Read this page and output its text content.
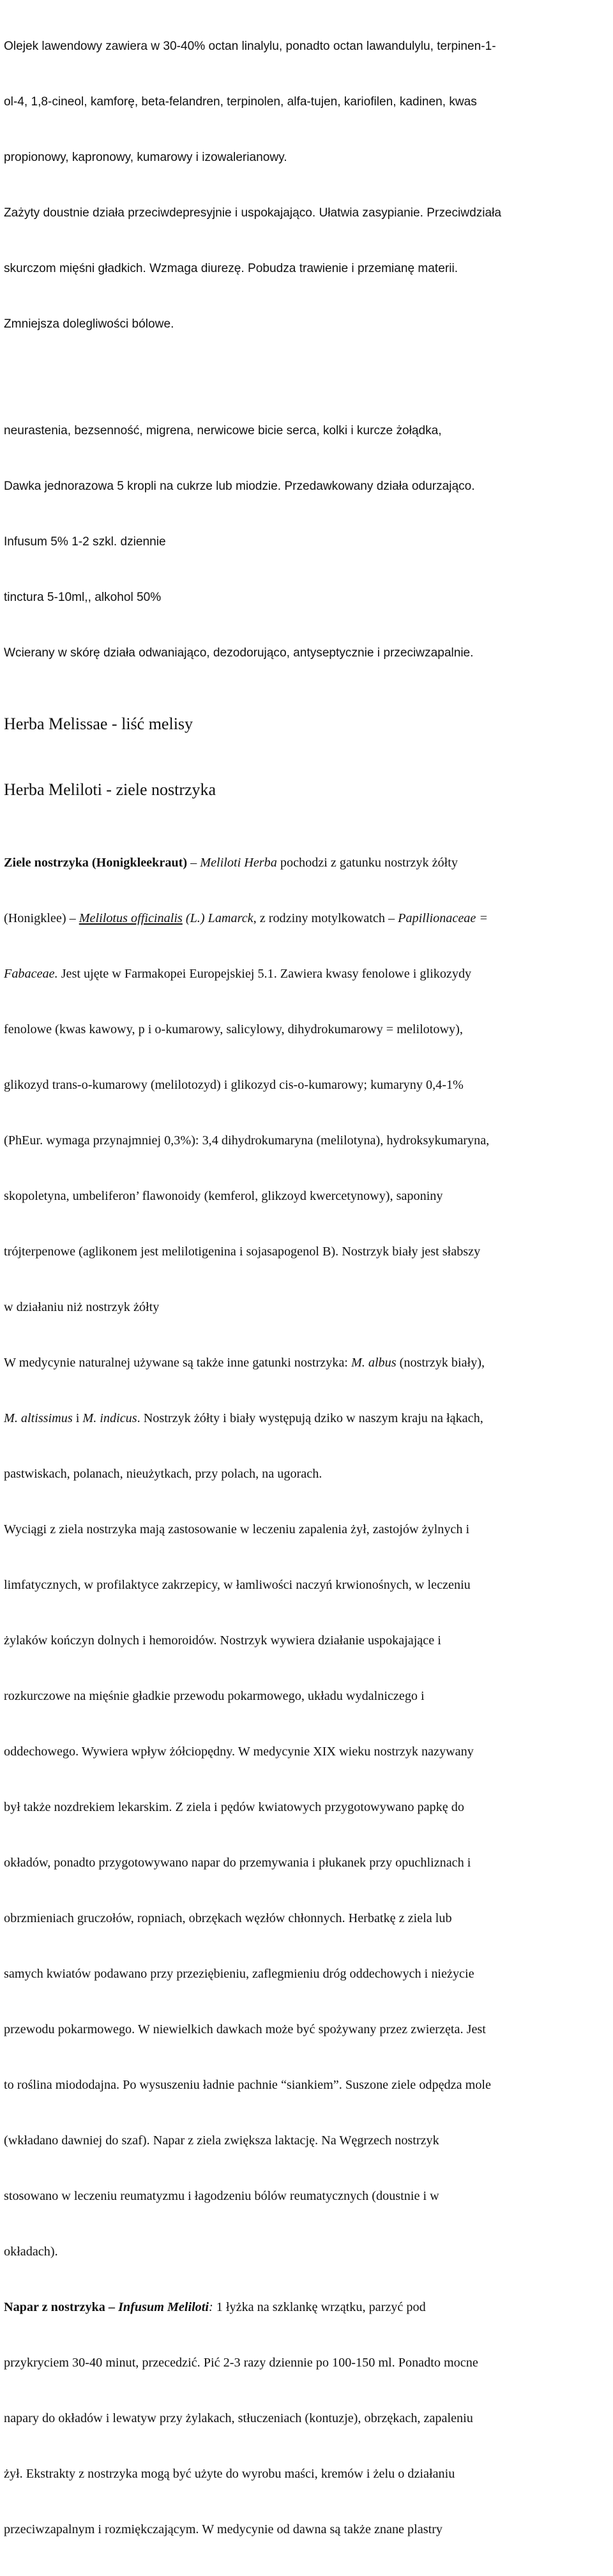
Olejek lawendowy zawiera w 30-40% octan linalylu, ponadto octan lawandulylu, terpinen-1-

ol-4, 1,8-cineol, kamforę, beta-felandren, terpinolen, alfa-tujen, kariofilen, kadinen, kwas

propionowy, kapronowy, kumarowy i izowalerianowy.

Zażyty doustnie działa przeciwdepresyjnie i uspokajająco. Ułatwia zasypianie. Przeciwdziała

skurczom mięśni gładkich. Wzmaga diurezę. Pobudza trawienie i przemianę materii.

Zmniejsza dolegliwości bólowe.

neurastenia, bezsenność, migrena, nerwicowe bicie serca, kolki i kurcze żołądka,

Dawka jednorazowa 5 kropli na cukrze lub miodzie. Przedawkowany działa odurzająco.

Infusum 5% 1-2 szkl. dziennie

tinctura 5-10ml,, alkohol 50%

Wcierany w skórę działa odwaniająco, dezodorująco, antyseptycznie i przeciwzapalnie.

Herba Melissae - liść melisy
Herba Meliloti - ziele nostrzyka

Ziele nostrzyka (Honigkleekraut) – Meliloti Herba pochodzi z gatunku nostrzyk żółty

(Honigklee) – Melilotus officinalis (L.) Lamarck, z rodziny motylkowatch – Papillionaceae =

Fabaceae. Jest ujęte w Farmakopei Europejskiej 5.1. Zawiera kwasy fenolowe i glikozydy

fenolowe (kwas kawowy, p i o-kumarowy, salicylowy, dihydrokumarowy = melilotowy),

glikozyd trans-o-kumarowy (melilotozyd) i glikozyd cis-o-kumarowy; kumaryny 0,4-1%

(PhEur. wymaga przynajmniej 0,3%): 3,4 dihydrokumaryna (melilotyna), hydroksykumaryna,

skopoletyna, umbeliferon’ flawonoidy (kemferol, glikzoyd kwercetynowy), saponiny

trójterpenowe (aglikonem jest melilotigenina i sojasapogenol B). Nostrzyk biały jest słabszy

w działaniu niż nostrzyk żółty

W medycynie naturalnej używane są także inne gatunki nostrzyka: M. albus (nostrzyk biały),

M. altissimus i M. indicus. Nostrzyk żółty i biały występują dziko w naszym kraju na łąkach,

pastwiskach, polanach, nieużytkach, przy polach, na ugorach.

Wyciągi z ziela nostrzyka mają zastosowanie w leczeniu zapalenia żył, zastojów żylnych i

limfatycznych, w profilaktyce zakrzepicy, w łamliwości naczyń krwionośnych, w leczeniu

żylaków kończyn dolnych i hemoroidów. Nostrzyk wywiera działanie uspokajające i

rozkurczowe na mięśnie gładkie przewodu pokarmowego, układu wydalniczego i

oddechowego. Wywiera wpływ żółciopędny. W medycynie XIX wieku nostrzyk nazywany

był także nozdrekiem lekarskim. Z ziela i pędów kwiatowych przygotowywano papkę do

okładów, ponadto przygotowywano napar do przemywania i płukanek przy opuchliznach i

obrzmieniach gruczołów, ropniach, obrzękach węzłów chłonnych. Herbatkę z ziela lub

samych kwiatów podawano przy przeziębieniu, zaflegmieniu dróg oddechowych i nieżycie

przewodu pokarmowego. W niewielkich dawkach może być spożywany przez zwierzęta. Jest

to roślina miododajna. Po wysuszeniu ładnie pachnie “siankiem”. Suszone ziele odpędza mole

(wkładano dawniej do szaf). Napar z ziela zwiększa laktację. Na Węgrzech nostrzyk

stosowano w leczeniu reumatyzmu i łagodzeniu bólów reumatycznych (doustnie i w

okładach).

Napar z nostrzyka – Infusum Meliloti: 1 łyżka na szklankę wrzątku, parzyć pod

przykryciem 30-40 minut, przecedzić. Pić 2-3 razy dziennie po 100-150 ml. Ponadto mocne

napary do okładów i lewatyw przy żylakach, stłuczeniach (kontuzje), obrzękach, zapaleniu

żył. Ekstrakty z nostrzyka mogą być użyte do wyrobu maści, kremów i żelu o działaniu

przeciwzapalnym i rozmiękczającym. W medycynie od dawna są także znane plastry
